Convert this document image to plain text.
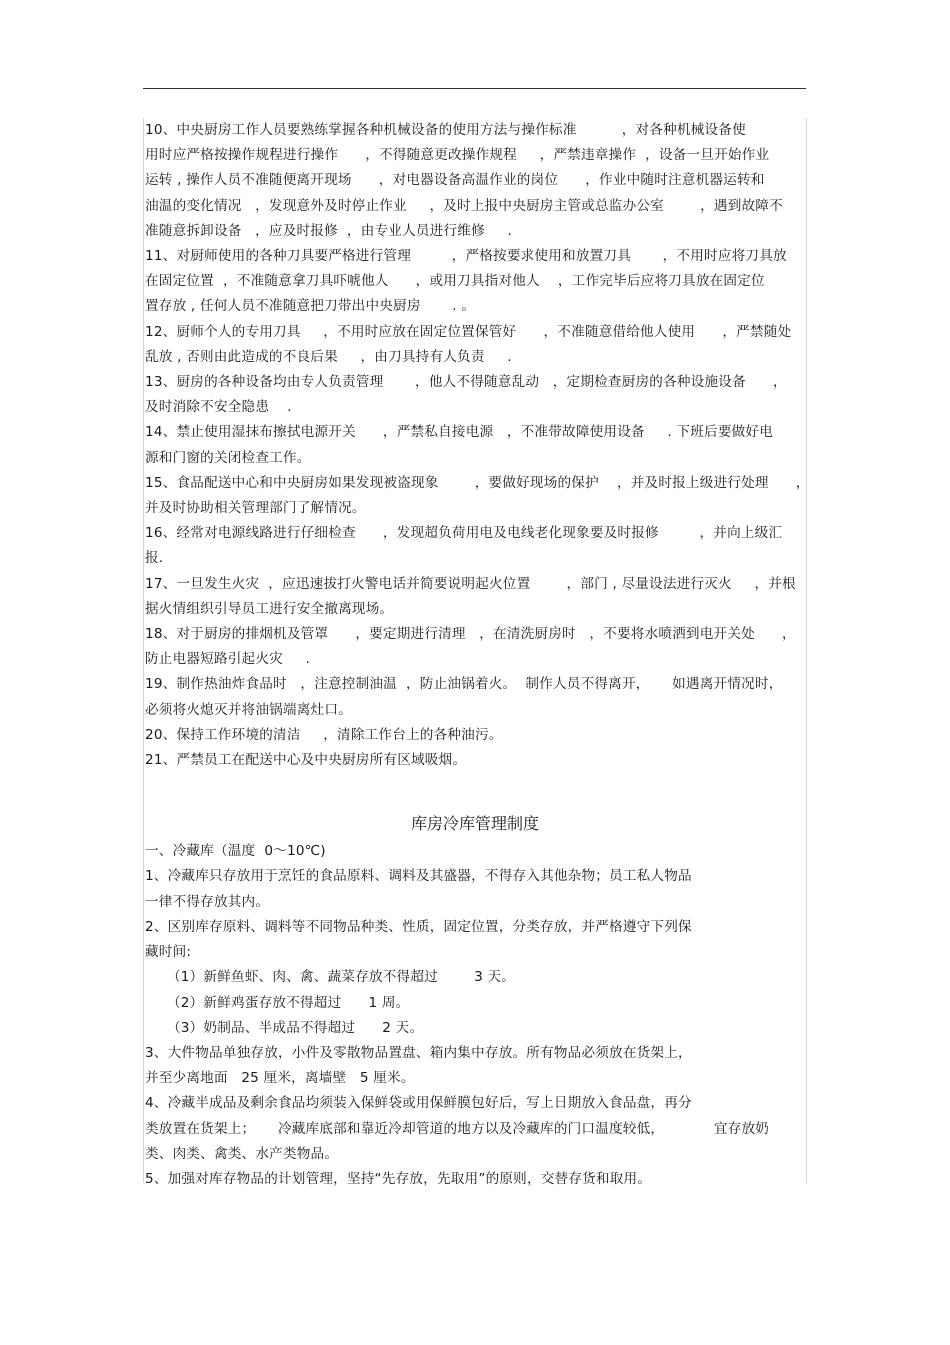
10、中央厨房工作人员要熟练掌握各种机械设备的使用方法与操作标准          ，对各种机械设备使
用时应严格按操作规程进行操作      ，不得随意更改操作规程     ，严禁违章操作  ，设备一旦开始作业
运转 , 操作人员不准随便离开现场      ，对电器设备高温作业的岗位      ，作业中随时注意机器运转和
油温的变化情况   ，发现意外及时停止作业     ，及时上报中央厨房主管或总监办公室        ，遇到故障不
准随意拆卸设备   ，应及时报修  ，由专业人员进行维修     .
11、对厨师使用的各种刀具要严格进行管理         ，严格按要求使用和放置刀具       ，不用时应将刀具放
在固定位置  ，不准随意拿刀具吓唬他人      ，或用刀具指对他人    ，工作完毕后应将刀具放在固定位
置存放 , 任何人员不准随意把刀带出中央厨房       . 。
12、厨师个人的专用刀具     ，不用时应放在固定位置保管好      ，不准随意借给他人使用      ，严禁随处
乱放 , 否则由此造成的不良后果     ，由刀具持有人负责     .
13、厨房的各种设备均由专人负责管理       ，他人不得随意乱动   ，定期检查厨房的各种设施设备      ，
及时消除不安全隐患    .
14、禁止使用湿抹布擦拭电源开关      ，严禁私自接电源   ，不准带故障使用设备     . 下班后要做好电
源和门窗的关闭检查工作。
15、食品配送中心和中央厨房如果发现被盗现象        ，要做好现场的保护    ，并及时报上级进行处理      ，
并及时协助相关管理部门了解情况。
16、经常对电源线路进行仔细检查      ，发现超负荷用电及电线老化现象要及时报修         ，并向上级汇
报.
17、一旦发生火灾  ，应迅速拔打火警电话并简要说明起火位置        ，部门 , 尽量设法进行灭火     ，并根
据火情组织引导员工进行安全撤离现场。
18、对于厨房的排烟机及管罩      ，要定期进行清理   ，在清洗厨房时   ，不要将水喷洒到电开关处      ，
防止电器短路引起火灾     .
19、制作热油炸食品时   ，注意控制油温  ，防止油锅着火。  制作人员不得离开，     如遇离开情况时，
必须将火熄灭并将油锅端离灶口。
20、保持工作环境的清洁     ，清除工作台上的各种油污。
21、严禁员工在配送中心及中央厨房所有区域吸烟。
库房冷库管理制度
一、冷藏库（温度  0～10℃)
1、冷藏库只存放用于烹饪的食品原料、调料及其盛器，不得存入其他杂物；员工私人物品
一律不得存放其内。
2、区别库存原料、调料等不同物品种类、性质，固定位置，分类存放，并严格遵守下列保
藏时间:
（1）新鲜鱼虾、肉、禽、蔬菜存放不得超过        3 天。
（2）新鲜鸡蛋存放不得超过      1 周。
（3）奶制品、半成品不得超过      2 天。
3、大件物品单独存放，小件及零散物品置盘、箱内集中存放。所有物品必须放在货架上，
并至少离地面   25 厘米，离墙壁   5 厘米。
4、冷藏半成品及剩余食品均须装入保鲜袋或用保鲜膜包好后，写上日期放入食品盘，再分
类放置在货架上；     冷藏库底部和靠近冷却管道的地方以及冷藏库的门口温度较低，           宜存放奶
类、肉类、禽类、水产类物品。
5、加强对库存物品的计划管理，坚持“先存放，先取用”的原则，交替存货和取用。
